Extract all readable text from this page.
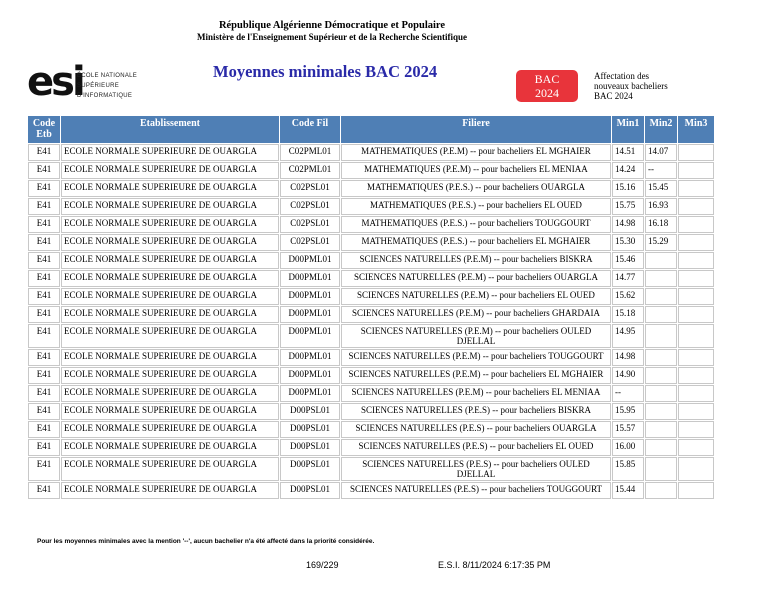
République Algérienne Démocratique et Populaire
Ministère de l'Enseignement Supérieur et de la Recherche Scientifique
esi
ÉCOLE NATIONALE
SUPÉRIEURE
D'INFORMATIQUE
Moyennes minimales BAC 2024	BAC
2024
Affectation des
nouveaux bacheliers
BAC 2024
Code Etb	Etablissement	Code Fil	Filiere	Min1	Min2	Min3
E41	ECOLE NORMALE SUPERIEURE DE OUARGLA	C02PML01	MATHEMATIQUES (P.E.M) -- pour bacheliers EL MGHAIER	14.51	14.07	
E41	ECOLE NORMALE SUPERIEURE DE OUARGLA	C02PML01	MATHEMATIQUES (P.E.M) -- pour bacheliers EL MENIAA	14.24	--	
E41	ECOLE NORMALE SUPERIEURE DE OUARGLA	C02PSL01	MATHEMATIQUES (P.E.S.) -- pour bacheliers OUARGLA	15.16	15.45	
E41	ECOLE NORMALE SUPERIEURE DE OUARGLA	C02PSL01	MATHEMATIQUES (P.E.S.) -- pour bacheliers EL OUED	15.75	16.93	
E41	ECOLE NORMALE SUPERIEURE DE OUARGLA	C02PSL01	MATHEMATIQUES (P.E.S.) -- pour bacheliers TOUGGOURT	14.98	16.18	
E41	ECOLE NORMALE SUPERIEURE DE OUARGLA	C02PSL01	MATHEMATIQUES (P.E.S.) -- pour bacheliers EL MGHAIER	15.30	15.29	
E41	ECOLE NORMALE SUPERIEURE DE OUARGLA	D00PML01	SCIENCES NATURELLES (P.E.M) -- pour bacheliers BISKRA	15.46		
E41	ECOLE NORMALE SUPERIEURE DE OUARGLA	D00PML01	SCIENCES NATURELLES (P.E.M) -- pour bacheliers OUARGLA	14.77		
E41	ECOLE NORMALE SUPERIEURE DE OUARGLA	D00PML01	SCIENCES NATURELLES (P.E.M) -- pour bacheliers EL OUED	15.62		
E41	ECOLE NORMALE SUPERIEURE DE OUARGLA	D00PML01	SCIENCES NATURELLES (P.E.M) -- pour bacheliers GHARDAIA	15.18		
E41	ECOLE NORMALE SUPERIEURE DE OUARGLA	D00PML01	SCIENCES NATURELLES (P.E.M) -- pour bacheliers OULED DJELLAL	14.95		
E41	ECOLE NORMALE SUPERIEURE DE OUARGLA	D00PML01	SCIENCES NATURELLES (P.E.M) -- pour bacheliers TOUGGOURT	14.98		
E41	ECOLE NORMALE SUPERIEURE DE OUARGLA	D00PML01	SCIENCES NATURELLES (P.E.M) -- pour bacheliers EL MGHAIER	14.90		
E41	ECOLE NORMALE SUPERIEURE DE OUARGLA	D00PML01	SCIENCES NATURELLES (P.E.M) -- pour bacheliers EL MENIAA	--		
E41	ECOLE NORMALE SUPERIEURE DE OUARGLA	D00PSL01	SCIENCES NATURELLES (P.E.S) -- pour bacheliers BISKRA	15.95		
E41	ECOLE NORMALE SUPERIEURE DE OUARGLA	D00PSL01	SCIENCES NATURELLES (P.E.S) -- pour bacheliers OUARGLA	15.57		
E41	ECOLE NORMALE SUPERIEURE DE OUARGLA	D00PSL01	SCIENCES NATURELLES (P.E.S) -- pour bacheliers EL OUED	16.00		
E41	ECOLE NORMALE SUPERIEURE DE OUARGLA	D00PSL01	SCIENCES NATURELLES (P.E.S) -- pour bacheliers OULED DJELLAL	15.85		
E41	ECOLE NORMALE SUPERIEURE DE OUARGLA	D00PSL01	SCIENCES NATURELLES (P.E.S) -- pour bacheliers TOUGGOURT	15.44		
Pour les moyennes minimales avec la mention '--', aucun bachelier n'a été affecté dans la priorité considérée.
169/229	E.S.I. 8/11/2024 6:17:35 PM
